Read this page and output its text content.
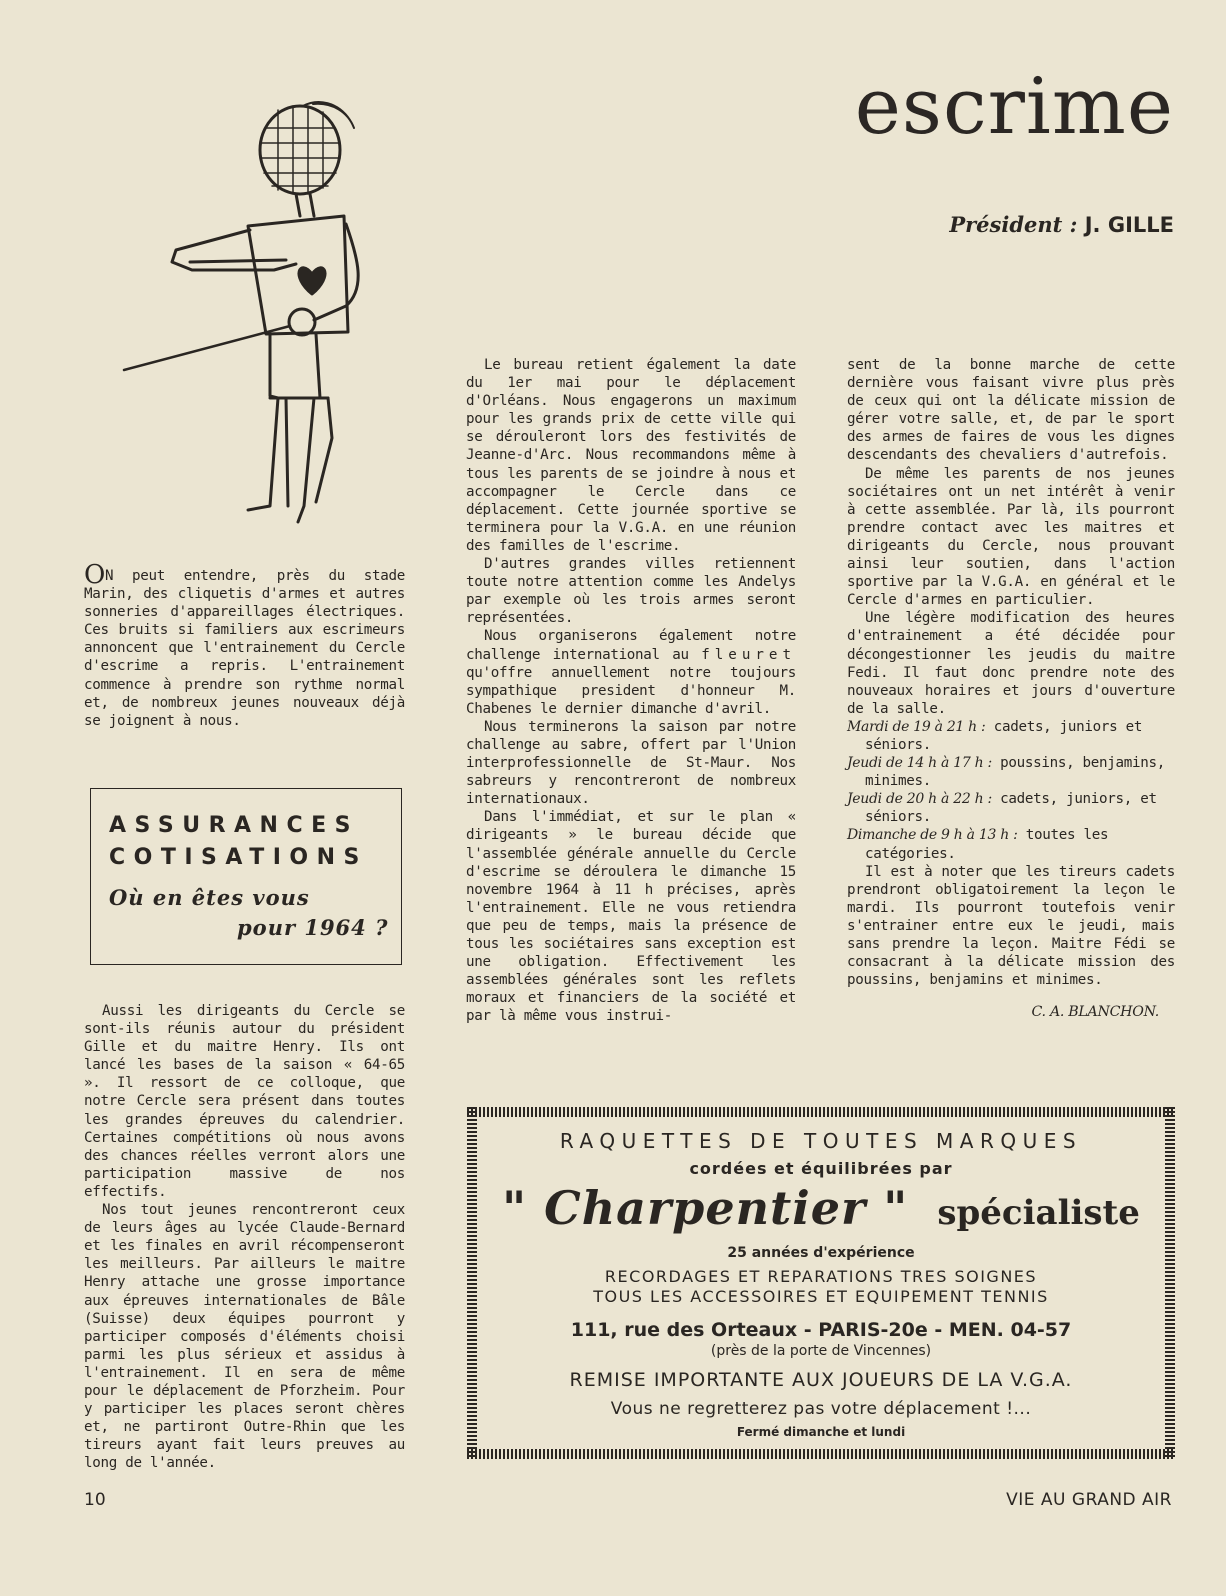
escrime
Président : J. GILLE

ON peut entendre, près du stade Marin, des cliquetis d'armes et autres sonneries d'appareillages électriques. Ces bruits si familiers aux escrimeurs annoncent que l'entrainement du Cercle d'escrime a repris. L'entrainement commence à prendre son rythme normal et, de nombreux jeunes nouveaux déjà se joignent à nous.

ASSURANCES
COTISATIONS
Où en êtes vous
pour 1964 ?

Aussi les dirigeants du Cercle se sont-ils réunis autour du président Gille et du maitre Henry. Ils ont lancé les bases de la saison « 64-65 ». Il ressort de ce colloque, que notre Cercle sera présent dans toutes les grandes épreuves du calendrier. Certaines compétitions où nous avons des chances réelles verront alors une participation massive de nos effectifs.

Nos tout jeunes rencontreront ceux de leurs âges au lycée Claude-Bernard et les finales en avril récompenseront les meilleurs. Par ailleurs le maitre Henry attache une grosse importance aux épreuves internationales de Bâle (Suisse) deux équipes pourront y participer composés d'éléments choisi parmi les plus sérieux et assidus à l'entrainement. Il en sera de même pour le déplacement de Pforzheim. Pour y participer les places seront chères et, ne partiront Outre-Rhin que les tireurs ayant fait leurs preuves au long de l'année.

Le bureau retient également la date du 1er mai pour le déplacement d'Orléans. Nous engagerons un maximum pour les grands prix de cette ville qui se dérouleront lors des festivités de Jeanne-d'Arc. Nous recommandons même à tous les parents de se joindre à nous et accompagner le Cercle dans ce déplacement. Cette journée sportive se terminera pour la V.G.A. en une réunion des familles de l'escrime.

D'autres grandes villes retiennent toute notre attention comme les Andelys par exemple où les trois armes seront représentées.

Nous organiserons également notre challenge international au fleuret qu'offre annuellement notre toujours sympathique president d'honneur M. Chabenes le dernier dimanche d'avril.

Nous terminerons la saison par notre challenge au sabre, offert par l'Union interprofessionnelle de St-Maur. Nos sabreurs y rencontreront de nombreux internationaux.

Dans l'immédiat, et sur le plan « dirigeants » le bureau décide que l'assemblée générale annuelle du Cercle d'escrime se déroulera le dimanche 15 novembre 1964 à 11 h précises, après l'entrainement. Elle ne vous retiendra que peu de temps, mais la présence de tous les sociétaires sans exception est une obligation. Effectivement les assemblées générales sont les reflets moraux et financiers de la société et par là même vous instrui-

sent de la bonne marche de cette dernière vous faisant vivre plus près de ceux qui ont la délicate mission de gérer votre salle, et, de par le sport des armes de faires de vous les dignes descendants des chevaliers d'autrefois.

De même les parents de nos jeunes sociétaires ont un net intérêt à venir à cette assemblée. Par là, ils pourront prendre contact avec les maitres et dirigeants du Cercle, nous prouvant ainsi leur soutien, dans l'action sportive par la V.G.A. en général et le Cercle d'armes en particulier.

Une légère modification des heures d'entrainement a été décidée pour décongestionner les jeudis du maitre Fedi. Il faut donc prendre note des nouveaux horaires et jours d'ouverture de la salle.

Mardi de 19 à 21 h : cadets, juniors et séniors.

Jeudi de 14 h à 17 h : poussins, benjamins, minimes.

Jeudi de 20 h à 22 h : cadets, juniors, et séniors.

Dimanche de 9 h à 13 h : toutes les catégories.

Il est à noter que les tireurs cadets prendront obligatoirement la leçon le mardi. Ils pourront toutefois venir s'entrainer entre eux le jeudi, mais sans prendre la leçon. Maitre Fédi se consacrant à la délicate mission des poussins, benjamins et minimes.

C. A. BLANCHON.

RAQUETTES DE TOUTES MARQUES
cordées et équilibrées par
" Charpentier " spécialiste
25 années d'expérience
RECORDAGES ET REPARATIONS TRES SOIGNES
TOUS LES ACCESSOIRES ET EQUIPEMENT TENNIS
111, rue des Orteaux - PARIS-20e - MEN. 04-57
(près de la porte de Vincennes)
REMISE IMPORTANTE AUX JOUEURS DE LA V.G.A.
Vous ne regretterez pas votre déplacement !...
Fermé dimanche et lundi
10	VIE AU GRAND AIR
